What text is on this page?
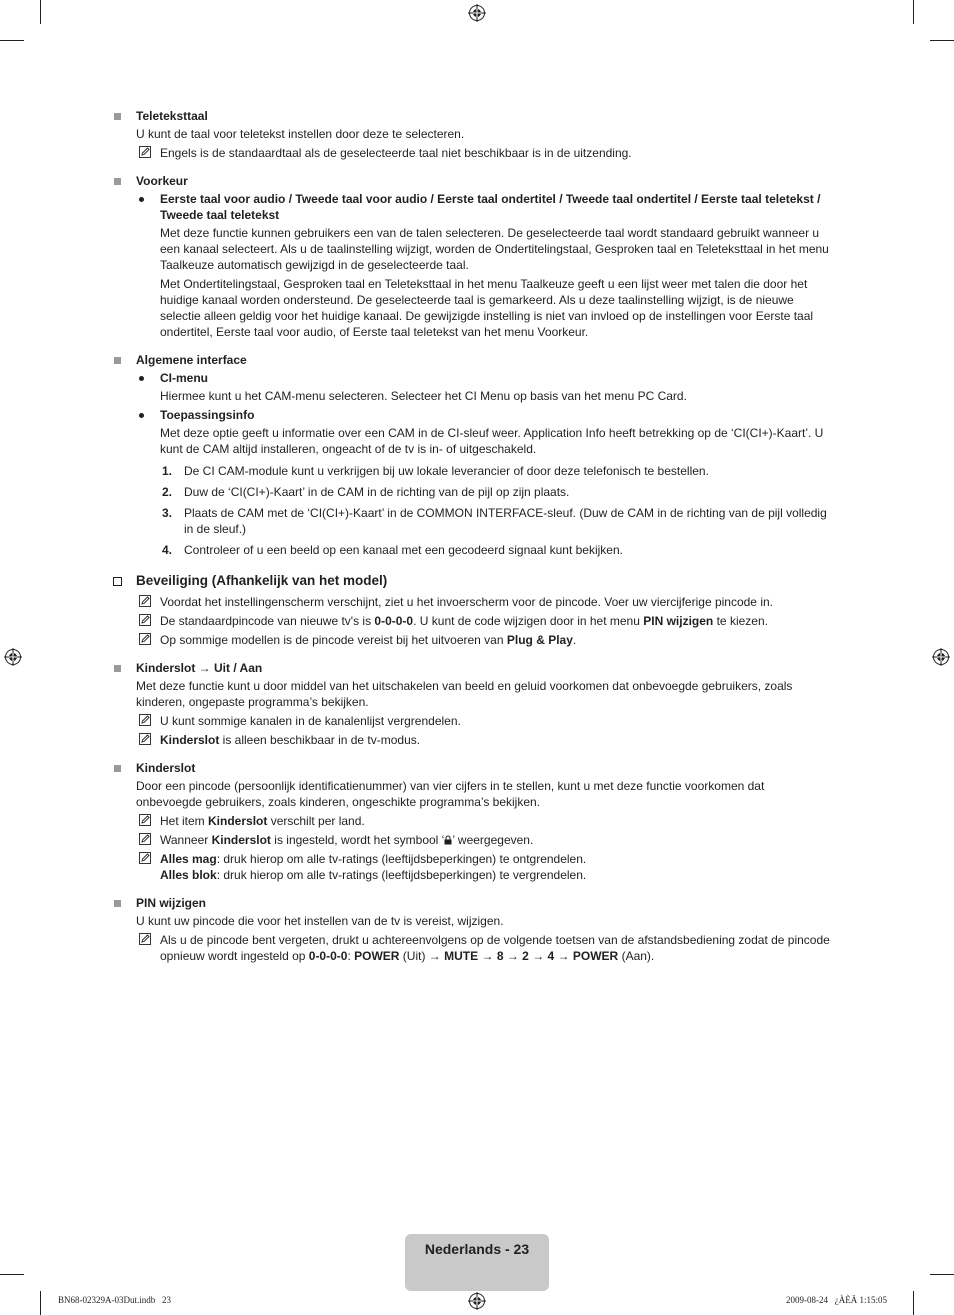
Teleteksttaal
U kunt de taal voor teletekst instellen door deze te selecteren.
Engels is de standaardtaal als de geselecteerde taal niet beschikbaar is in de uitzending.
Voorkeur
Eerste taal voor audio / Tweede taal voor audio / Eerste taal ondertitel / Tweede taal ondertitel / Eerste taal teletekst /
Tweede taal teletekst
Met deze functie kunnen gebruikers een van de talen selecteren. De geselecteerde taal wordt standaard gebruikt wanneer u
een kanaal selecteert. Als u de taalinstelling wijzigt, worden de Ondertitelingstaal, Gesproken taal en Teleteksttaal in het menu
Taalkeuze automatisch gewijzigd in de geselecteerde taal.
Met Ondertitelingstaal, Gesproken taal en Teleteksttaal in het menu Taalkeuze geeft u een lijst weer met talen die door het
huidige kanaal worden ondersteund. De geselecteerde taal is gemarkeerd. Als u deze taalinstelling wijzigt, is de nieuwe
selectie alleen geldig voor het huidige kanaal. De gewijzigde instelling is niet van invloed op de instellingen voor Eerste taal
ondertitel, Eerste taal voor audio, of Eerste taal teletekst van het menu Voorkeur.
Algemene interface
CI-menu
Hiermee kunt u het CAM-menu selecteren. Selecteer het CI Menu op basis van het menu PC Card.
Toepassingsinfo
Met deze optie geeft u informatie over een CAM in de CI-sleuf weer. Application Info heeft betrekking op de ‘CI(CI+)-Kaart’. U
kunt de CAM altijd installeren, ongeacht of de tv is in- of uitgeschakeld.
1. De CI CAM-module kunt u verkrijgen bij uw lokale leverancier of door deze telefonisch te bestellen.
2. Duw de ‘CI(CI+)-Kaart’ in de CAM in de richting van de pijl op zijn plaats.
3. Plaats de CAM met de ‘CI(CI+)-Kaart’ in de COMMON INTERFACE-sleuf. (Duw de CAM in de richting van de pijl volledig
in de sleuf.)
4. Controleer of u een beeld op een kanaal met een gecodeerd signaal kunt bekijken.
Beveiliging (Afhankelijk van het model)
Voordat het instellingenscherm verschijnt, ziet u het invoerscherm voor de pincode. Voer uw viercijferige pincode in.
De standaardpincode van nieuwe tv's is 0-0-0-0. U kunt de code wijzigen door in het menu PIN wijzigen te kiezen.
Op sommige modellen is de pincode vereist bij het uitvoeren van Plug & Play.
Kinderslot → Uit / Aan
Met deze functie kunt u door middel van het uitschakelen van beeld en geluid voorkomen dat onbevoegde gebruikers, zoals
kinderen, ongepaste programma’s bekijken.
U kunt sommige kanalen in de kanalenlijst vergrendelen.
Kinderslot is alleen beschikbaar in de tv-modus.
Kinderslot
Door een pincode (persoonlijk identificatienummer) van vier cijfers in te stellen, kunt u met deze functie voorkomen dat
onbevoegde gebruikers, zoals kinderen, ongeschikte programma’s bekijken.
Het item Kinderslot verschilt per land.
Wanneer Kinderslot is ingesteld, wordt het symbool ‘ ’ weergegeven.
Alles mag: druk hierop om alle tv-ratings (leeftijdsbeperkingen) te ontgrendelen.
Alles blok: druk hierop om alle tv-ratings (leeftijdsbeperkingen) te vergrendelen.
PIN wijzigen
U kunt uw pincode die voor het instellen van de tv is vereist, wijzigen.
Als u de pincode bent vergeten, drukt u achtereenvolgens op de volgende toetsen van de afstandsbediening zodat de pincode
opnieuw wordt ingesteld op 0-0-0-0: POWER (Uit) → MUTE → 8 → 2 → 4 → POWER (Aan).
Nederlands - 23
BN68-02329A-03Dut.indb   23	2009-08-24   ¿ÀÈÄ 1:15:05
